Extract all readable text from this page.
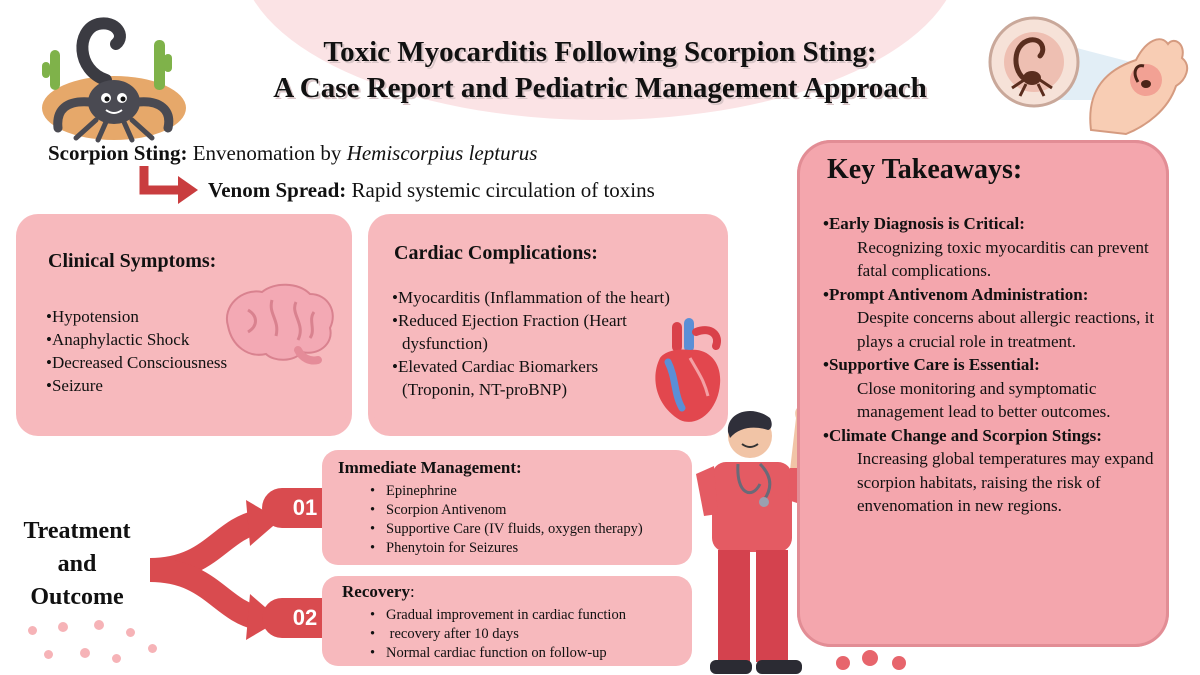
Toxic Myocarditis Following Scorpion Sting:
A Case Report and Pediatric Management Approach
Scorpion Sting: Envenomation by Hemiscorpius lepturus
Venom Spread: Rapid systemic circulation of toxins
Clinical Symptoms:
•Hypotension
•Anaphylactic Shock
•Decreased Consciousness
•Seizure
Cardiac Complications:
•Myocarditis (Inflammation of the heart)
•Reduced Ejection Fraction (Heart dysfunction)
•Elevated Cardiac Biomarkers (Troponin, NT-proBNP)
Treatment
and
Outcome
01
02
Immediate Management:
• Epinephrine
• Scorpion Antivenom
• Supportive Care (IV fluids, oxygen therapy)
• Phenytoin for Seizures
Recovery:
• Gradual improvement in cardiac function
•  recovery after 10 days
• Normal cardiac function on follow-up
Key Takeaways:
•Early Diagnosis is Critical:
Recognizing toxic myocarditis can prevent fatal complications.
•Prompt Antivenom Administration:
Despite concerns about allergic reactions, it plays a crucial role in treatment.
•Supportive Care is Essential:
Close monitoring and symptomatic management lead to better outcomes.
•Climate Change and Scorpion Stings:
Increasing global temperatures may expand scorpion habitats, raising the risk of envenomation in new regions.
